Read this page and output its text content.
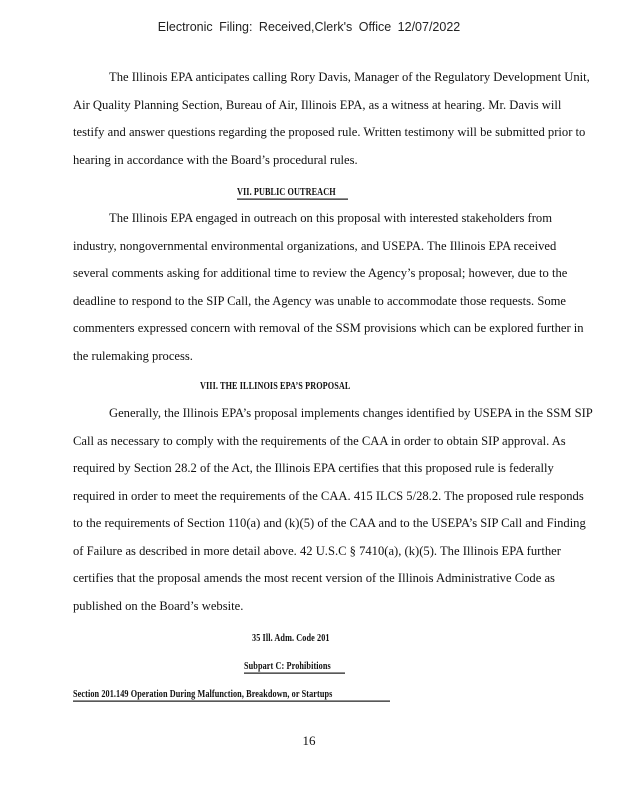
Electronic Filing: Received,Clerk's Office 12/07/2022
The Illinois EPA anticipates calling Rory Davis, Manager of the Regulatory Development Unit, Air Quality Planning Section, Bureau of Air, Illinois EPA, as a witness at hearing. Mr. Davis will testify and answer questions regarding the proposed rule. Written testimony will be submitted prior to hearing in accordance with the Board’s procedural rules.
VII. PUBLIC OUTREACH
The Illinois EPA engaged in outreach on this proposal with interested stakeholders from industry, nongovernmental environmental organizations, and USEPA. The Illinois EPA received several comments asking for additional time to review the Agency’s proposal; however, due to the deadline to respond to the SIP Call, the Agency was unable to accommodate those requests. Some commenters expressed concern with removal of the SSM provisions which can be explored further in the rulemaking process.
VIII. THE ILLINOIS EPA’S PROPOSAL
Generally, the Illinois EPA’s proposal implements changes identified by USEPA in the SSM SIP Call as necessary to comply with the requirements of the CAA in order to obtain SIP approval. As required by Section 28.2 of the Act, the Illinois EPA certifies that this proposed rule is federally required in order to meet the requirements of the CAA. 415 ILCS 5/28.2. The proposed rule responds to the requirements of Section 110(a) and (k)(5) of the CAA and to the USEPA’s SIP Call and Finding of Failure as described in more detail above. 42 U.S.C § 7410(a), (k)(5). The Illinois EPA further certifies that the proposal amends the most recent version of the Illinois Administrative Code as published on the Board’s website.
35 Ill. Adm. Code 201
Subpart C: Prohibitions
Section 201.149 Operation During Malfunction, Breakdown, or Startups
16
